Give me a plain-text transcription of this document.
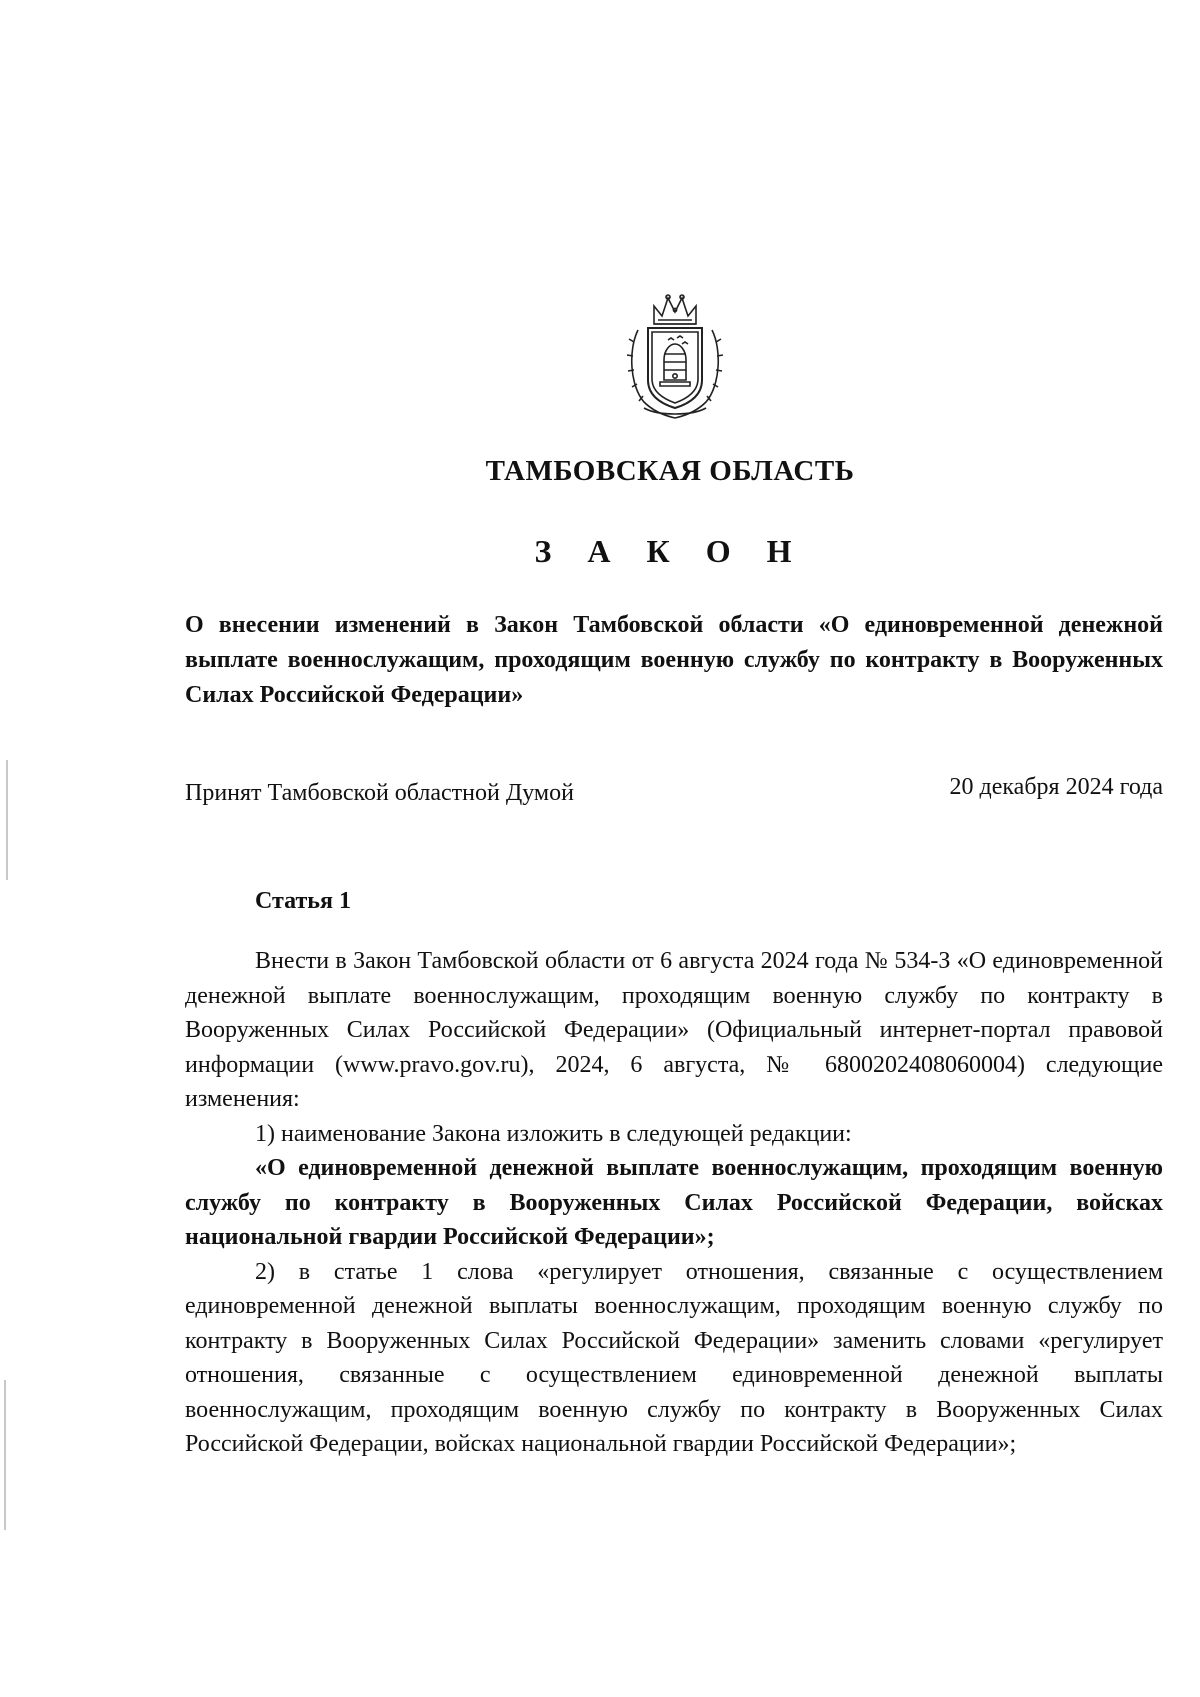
ТАМБОВСКАЯ ОБЛАСТЬ
З А К О Н
О внесении изменений в Закон Тамбовской области «О единовременной денежной выплате военнослужащим, проходящим военную службу по контракту в Вооруженных Силах Российской Федерации»
Принят Тамбовской областной Думой	20 декабря 2024 года
Статья 1

Внести в Закон Тамбовской области от 6 августа 2024 года № 534-З «О единовременной денежной выплате военнослужащим, проходящим военную службу по контракту в Вооруженных Силах Российской Федерации» (Официальный интернет-портал правовой информации (www.pravo.gov.ru), 2024, 6 августа, № 6800202408060004) следующие изменения:

1) наименование Закона изложить в следующей редакции:

«О единовременной денежной выплате военнослужащим, проходящим военную службу по контракту в Вооруженных Силах Российской Федерации, войсках национальной гвардии Российской Федерации»;

2) в статье 1 слова «регулирует отношения, связанные с осуществлением единовременной денежной выплаты военнослужащим, проходящим военную службу по контракту в Вооруженных Силах Российской Федерации» заменить словами «регулирует отношения, связанные с осуществлением единовременной денежной выплаты военнослужащим, проходящим военную службу по контракту в Вооруженных Силах Российской Федерации, войсках национальной гвардии Российской Федерации»;
